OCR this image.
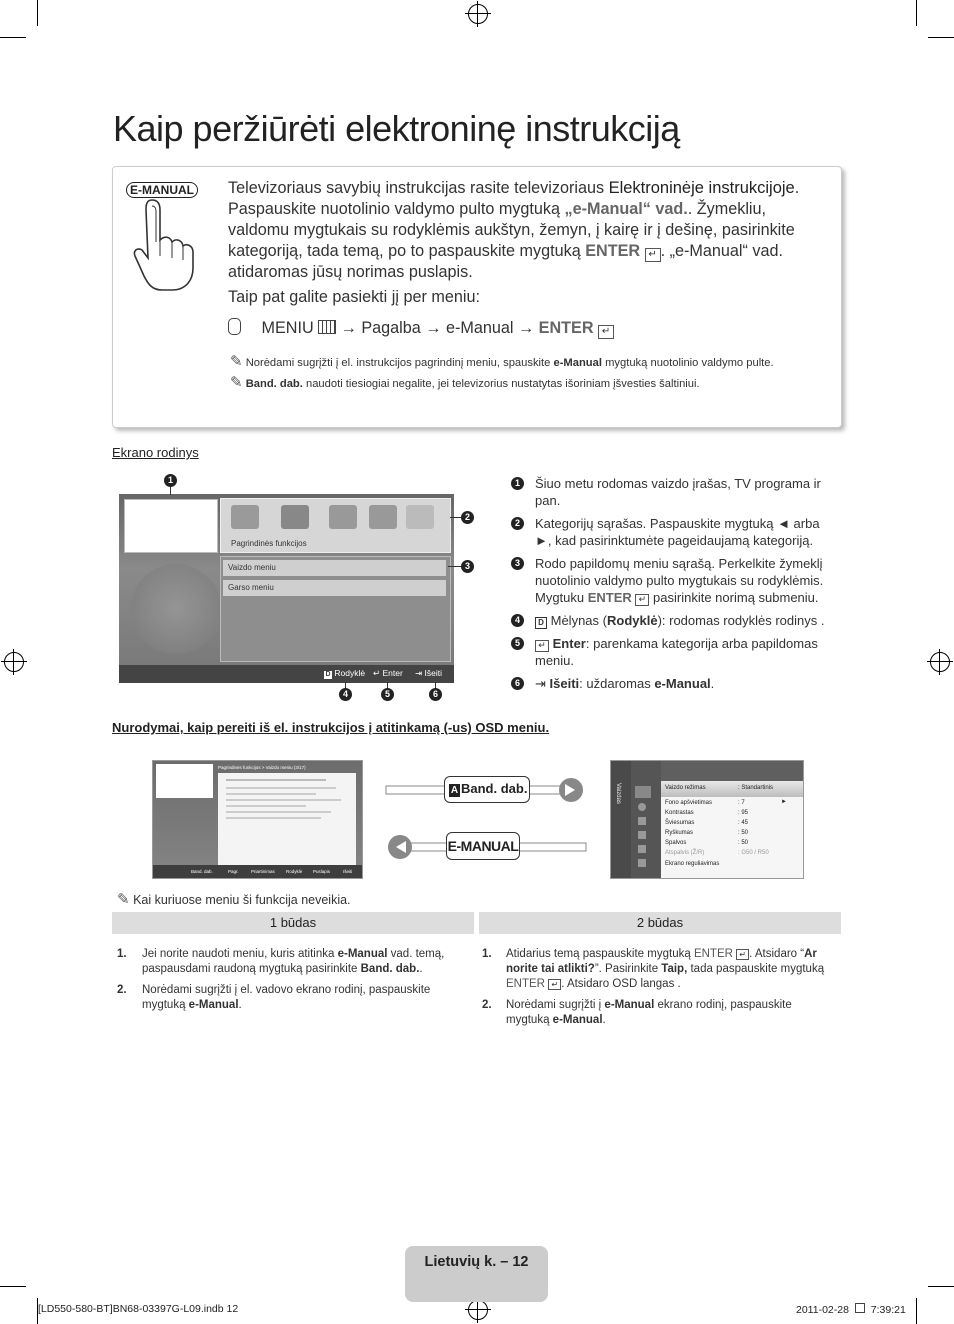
Kaip peržiūrėti elektroninę instrukciją
E-MANUAL Televizoriaus savybių instrukcijas rasite televizoriaus Elektroninėje instrukcijoje. Paspauskite nuotolinio valdymo pulto mygtuką „e-Manual“ vad.. Žymekliu, valdomu mygtukais su rodyklėmis aukštyn, žemyn, į kairę ir į dešinę, pasirinkite kategoriją, tada temą, po to paspauskite mygtuką ENTER ↵ . „e-Manual“ vad. atidaromas jūsų norimas puslapis.
Taip pat galite pasiekti jį per meniu:
MENIU → Pagalba → e-Manual → ENTER ↵
✎ Norėdami sugrįžti į el. instrukcijos pagrindinį meniu, spauskite e-Manual mygtuką nuotolinio valdymo pulte.
✎ Band. dab. naudoti tiesiogiai negalite, jei televizorius nustatytas išoriniam įšvesties šaltiniui.
Ekrano rodinys
Pagrindinės funkcijos
Vaizdo meniu
Garso meniu
D Rodyklė ↵ Enter ⇥ Išeiti
1
2
3
4	5	6
1	Šiuo metu rodomas vaizdo įrašas, TV programa ir pan.
2	Kategorijų sąrašas. Paspauskite mygtuką ◄ arba ►, kad pasirinktumėte pageidaujamą kategoriją.
3	Rodo papildomų meniu sąrašą. Perkelkite žymeklį nuotolinio valdymo pulto mygtukais su rodyklėmis. Mygtuku ENTER ↵ pasirinkite norimą submeniu.
4	D Mėlynas (Rodyklė): rodomas rodyklės rodinys .
5	↵ Enter: parenkama kategorija arba papildomas meniu.
6	⇥ Išeiti: uždaromas e-Manual.
Nurodymai, kaip pereiti iš el. instrukcijos į atitinkamą (-us) OSD meniu.
Pagrindinės funkcijos > Vaizdo meniu (3/17)
Band. dab.	Pagr.	Priartinimas Rodyklė Puslapis	Išeiti
A Band. dab.
E-MANUAL
Vaizdas	Vaizdo režimas	: Standartinis
Fono apšvietimas	: 7	►
Kontrastas	: 95
Šviesumas	: 45
Ryškumas	: 50
Spalvos	: 50
Atspalvis (Ž/R)	: G50 / R50
Ekrano reguliavimas
✎ Kai kuriuose meniu ši funkcija neveikia.
1 būdas	2 būdas
1. Jei norite naudoti meniu, kuris atitinka e-Manual vad. temą, paspausdami raudoną mygtuką pasirinkite Band. dab..
2. Norėdami sugrįžti į el. vadovo ekrano rodinį, paspauskite mygtuką e-Manual.
1. Atidarius temą paspauskite mygtuką ENTER ↵ . Atsidaro “Ar norite tai atlikti?”. Pasirinkite Taip, tada paspauskite mygtuką ENTER ↵ . Atsidaro OSD langas .
2. Norėdami sugrįžti į e-Manual ekrano rodinį, paspauskite mygtuką e-Manual.
Lietuvių k. – 12
[LD550-580-BT]BN68-03397G-L09.indb 12	2011-02-28 7:39:21
